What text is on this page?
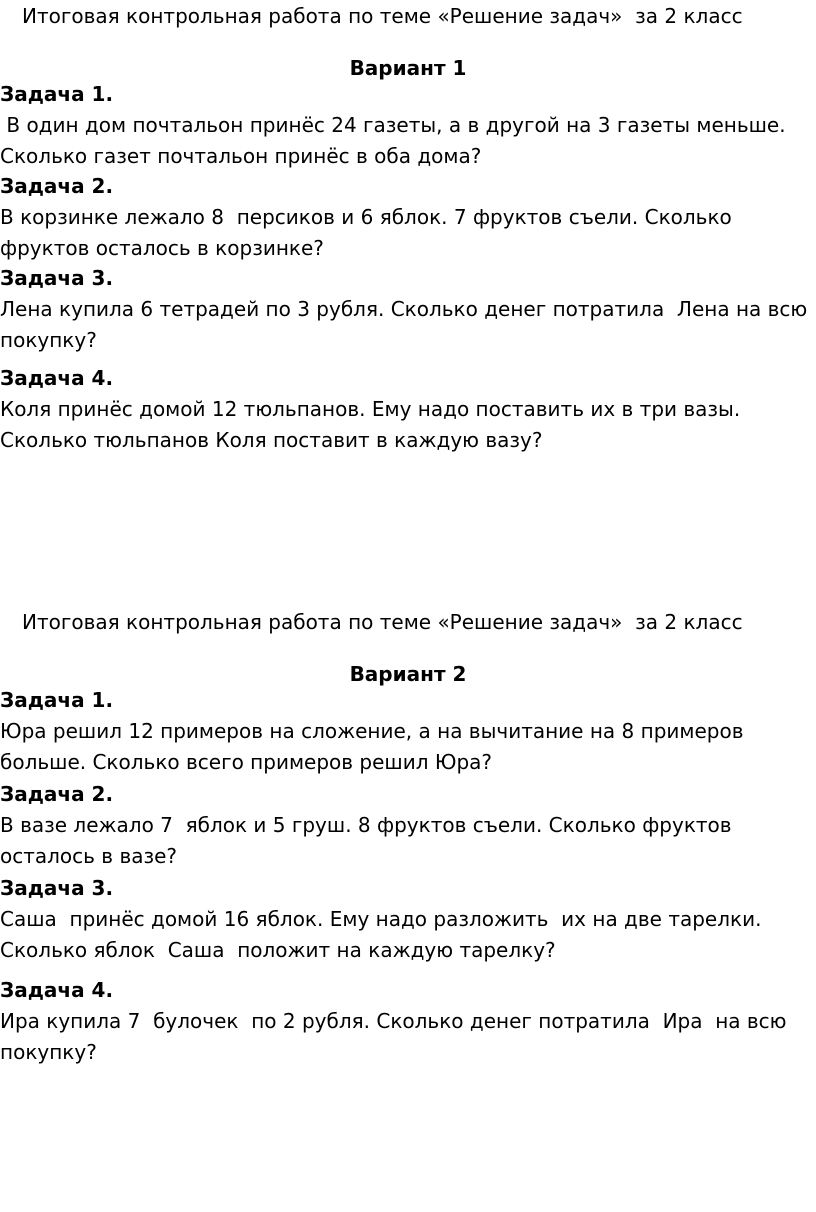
Итоговая контрольная работа по теме «Решение задач»  за 2 класс
Вариант 1

Задача 1.

В один дом почтальон принёс 24 газеты, а в другой на 3 газеты меньше. Сколько газет почтальон принёс в оба дома?

Задача 2.

В корзинке лежало 8  персиков и 6 яблок. 7 фруктов съели. Сколько фруктов осталось в корзинке?

Задача 3.

Лена купила 6 тетрадей по 3 рубля. Сколько денег потратила  Лена на всю покупку?

Задача 4.

Коля принёс домой 12 тюльпанов. Ему надо поставить их в три вазы. Сколько тюльпанов Коля поставит в каждую вазу?

Итоговая контрольная работа по теме «Решение задач»  за 2 класс
Вариант 2

Задача 1.

Юра решил 12 примеров на сложение, а на вычитание на 8 примеров больше. Сколько всего примеров решил Юра?

Задача 2.

В вазе лежало 7  яблок и 5 груш. 8 фруктов съели. Сколько фруктов осталось в вазе?

Задача 3.

Саша  принёс домой 16 яблок. Ему надо разложить  их на две тарелки. Сколько яблок  Саша  положит на каждую тарелку?

Задача 4.

Ира купила 7  булочек  по 2 рубля. Сколько денег потратила  Ира  на всю покупку?
